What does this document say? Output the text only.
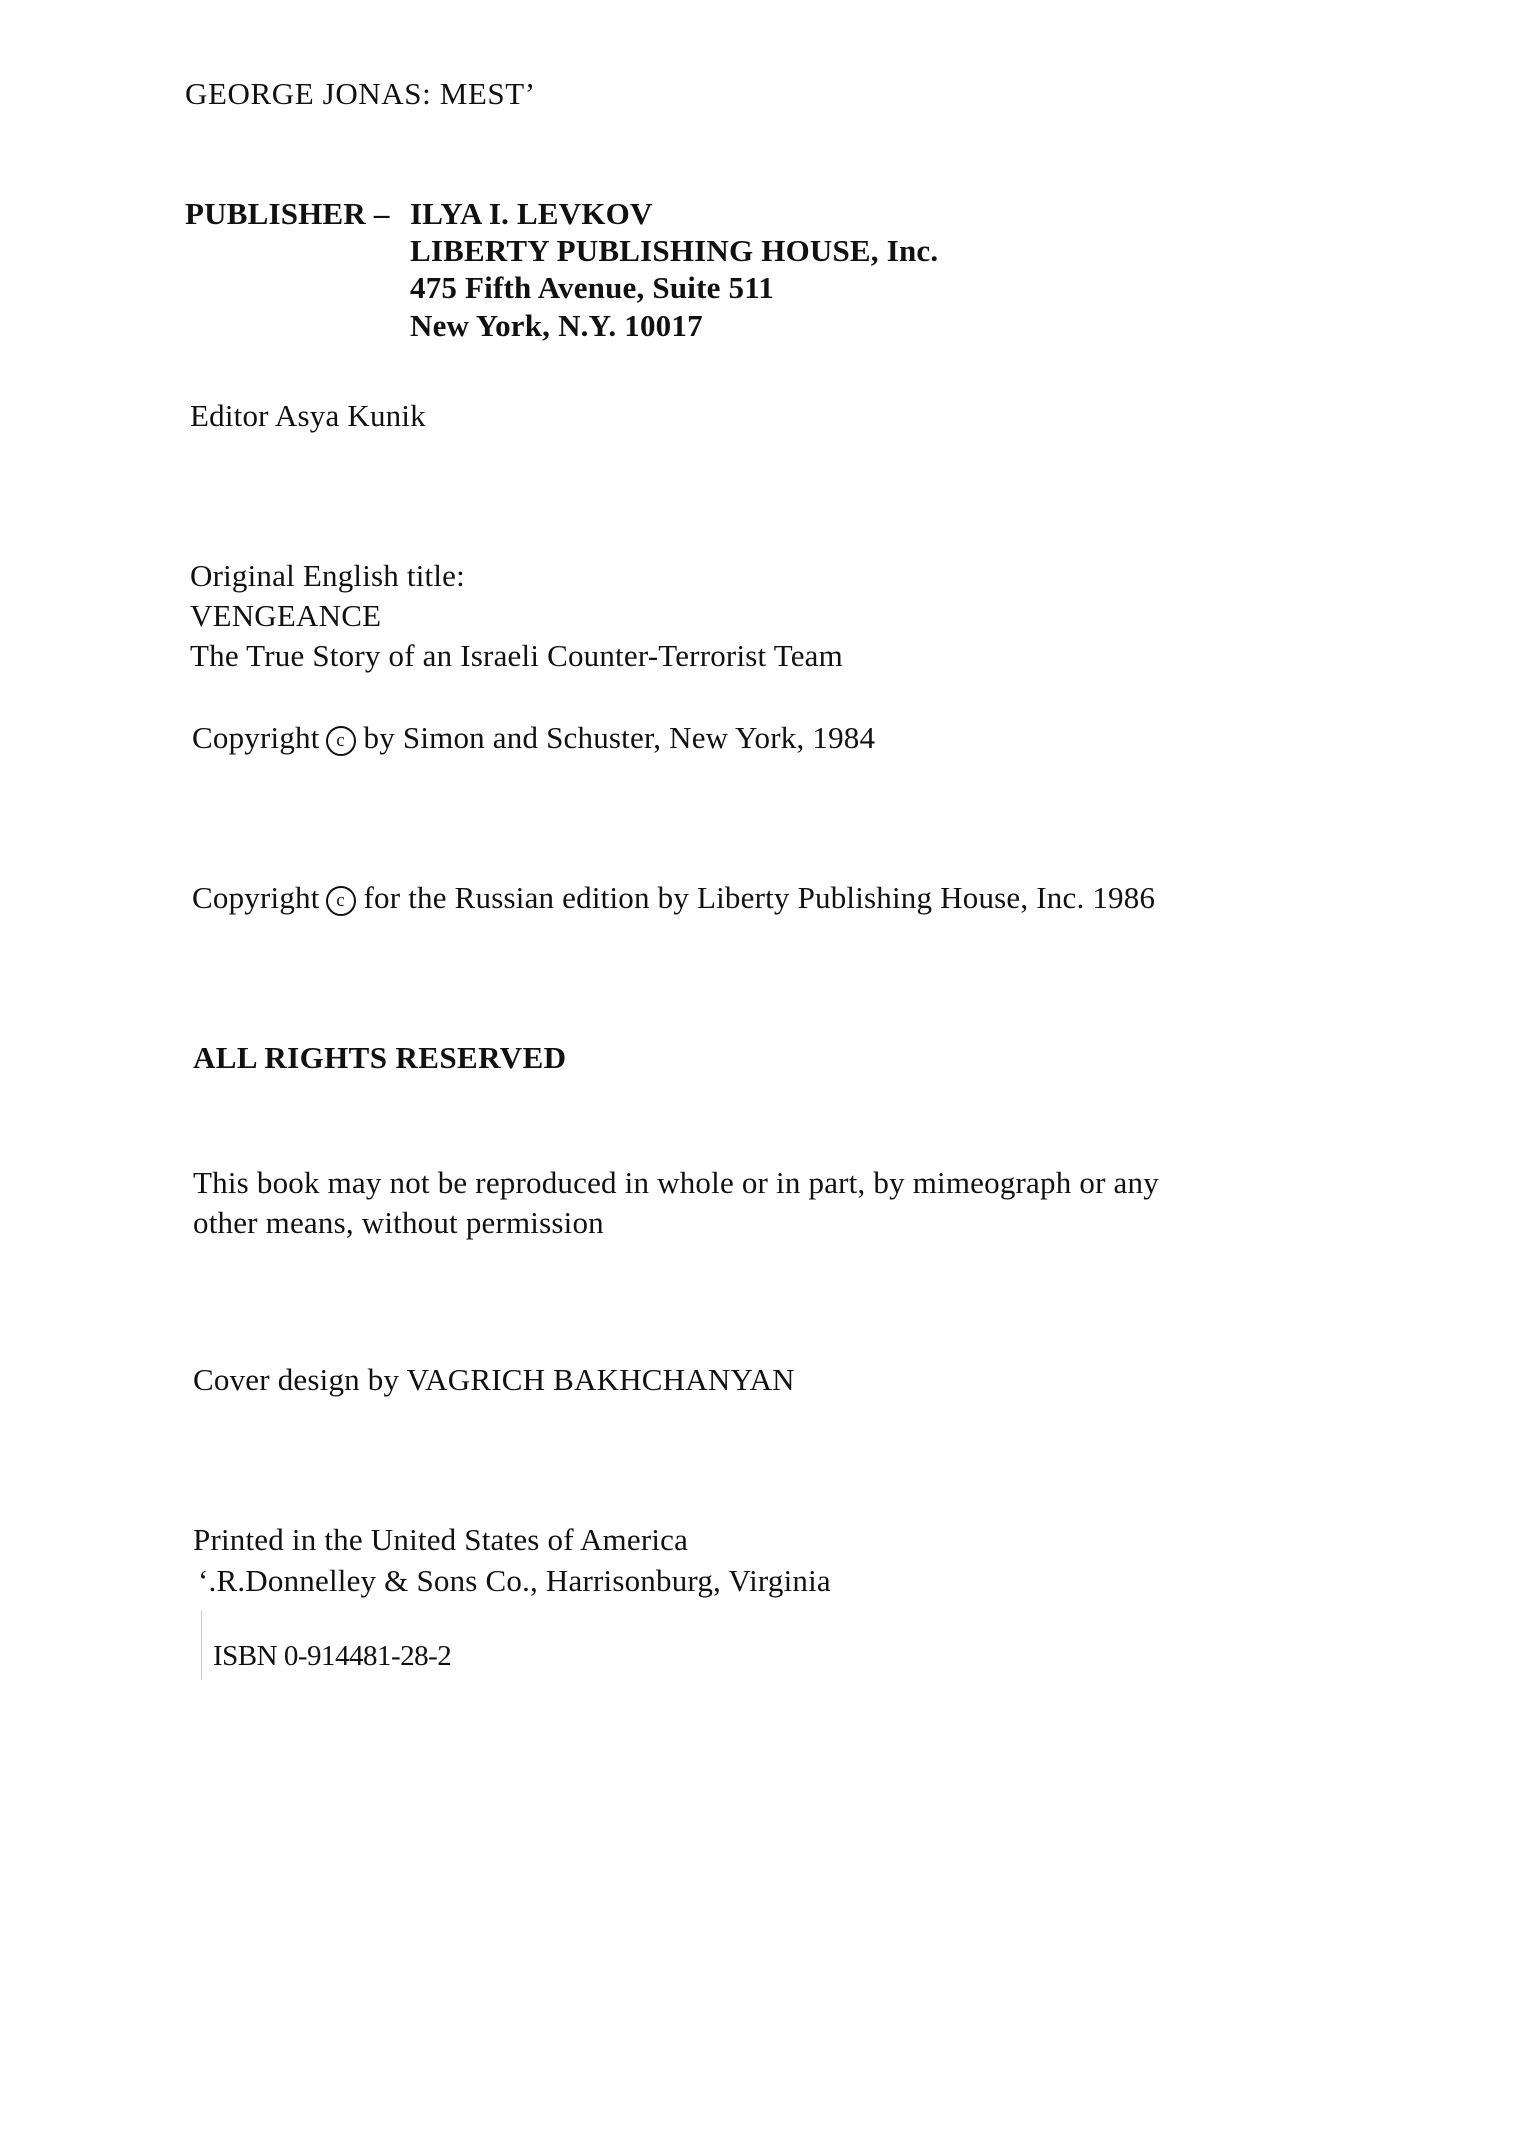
GEORGE JONAS: MEST’
PUBLISHER – ILYA I. LEVKOV
LIBERTY PUBLISHING HOUSE, Inc.
475 Fifth Avenue, Suite 511
New York, N.Y. 10017
Editor Asya Kunik
Original English title:
VENGEANCE
The True Story of an Israeli Counter-Terrorist Team
Copyright c by Simon and Schuster, New York, 1984
Copyright c for the Russian edition by Liberty Publishing House, Inc. 1986
ALL RIGHTS RESERVED
This book may not be reproduced in whole or in part, by mimeograph or any
other means, without permission
Cover design by VAGRICH BAKHCHANYAN
Printed in the United States of America
‘.R.Donnelley & Sons Co., Harrisonburg, Virginia
ISBN 0-914481-28-2
